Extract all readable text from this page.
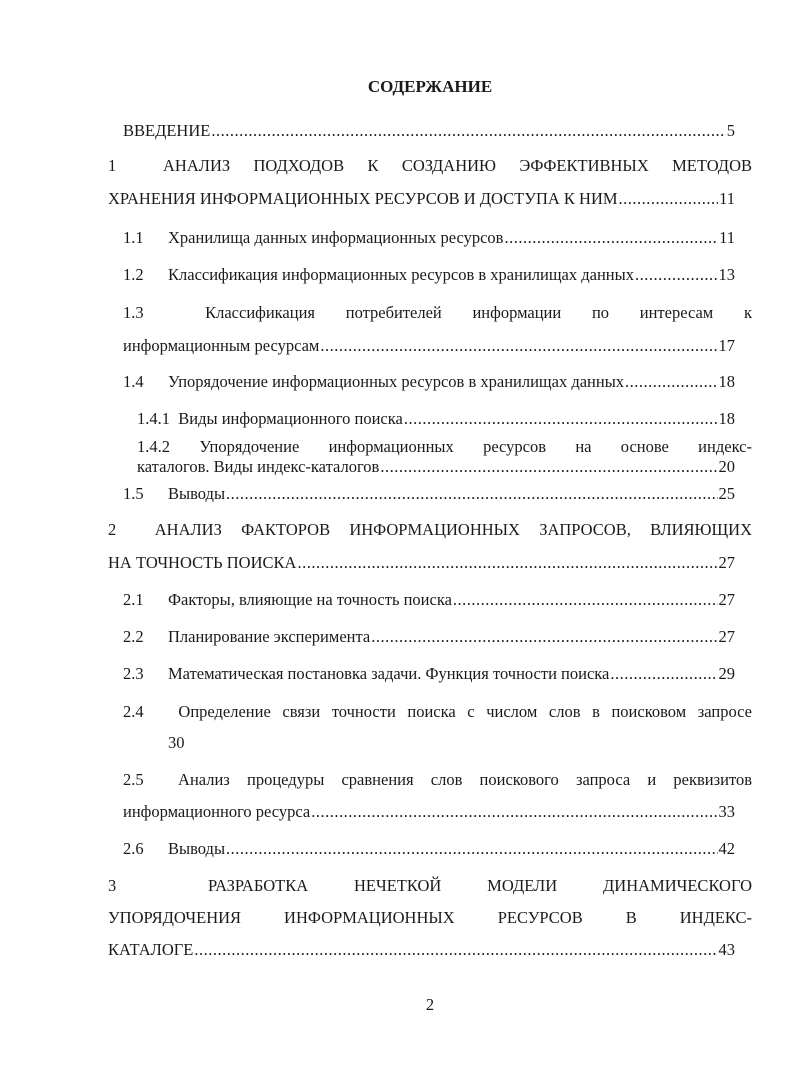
СОДЕРЖАНИЕ
ВВЕДЕНИЕ .....	5
1	АНАЛИЗ ПОДХОДОВ К СОЗДАНИЮ ЭФФЕКТИВНЫХ МЕТОДОВ
ХРАНЕНИЯ ИНФОРМАЦИОННЫХ РЕСУРСОВ И ДОСТУПА К НИМ .....	11
1.1 Хранилища данных информационных ресурсов .....	11
1.2 Классификация информационных ресурсов в хранилищах данных .....	13
1.3	Классификация потребителей информации по интересам к
информационным ресурсам .....	17
1.4 Упорядочение информационных ресурсов в хранилищах данных .....	18
1.4.1 Виды информационного поиска .....	18
1.4.2 Упорядочение информационных ресурсов на основе индекс-
каталогов. Виды индекс-каталогов .....	20
1.5 Выводы .....	25
2 АНАЛИЗ ФАКТОРОВ ИНФОРМАЦИОННЫХ ЗАПРОСОВ, ВЛИЯЮЩИХ
НА ТОЧНОСТЬ ПОИСКА .....	27
2.1 Факторы, влияющие на точность поиска .....	27
2.2 Планирование эксперимента .....	27
2.3 Математическая постановка задачи. Функция точности поиска .....	29
2.4 Определение связи точности поиска с числом слов в поисковом запросе
30
2.5 Анализ процедуры сравнения слов поискового запроса и реквизитов
информационного ресурса .....	33
2.6 Выводы .....	42
3	РАЗРАБОТКА НЕЧЕТКОЙ МОДЕЛИ ДИНАМИЧЕСКОГО
УПОРЯДОЧЕНИЯ ИНФОРМАЦИОННЫХ РЕСУРСОВ В ИНДЕКС-
КАТАЛОГЕ .....	43
2
